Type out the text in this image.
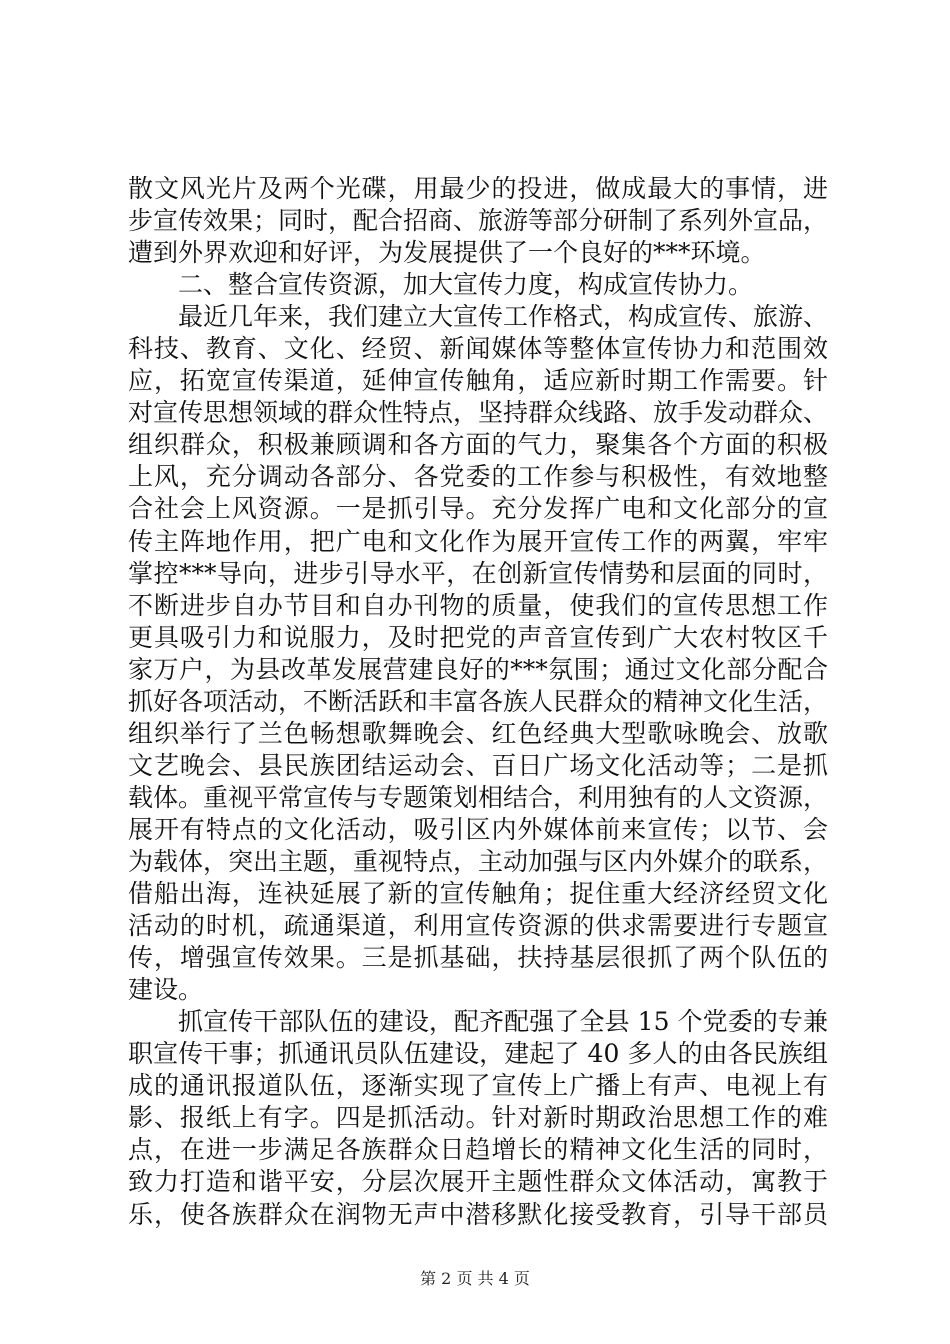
散文风光片及两个光碟，用最少的投进，做成最大的事情，进
步宣传效果；同时，配合招商、旅游等部分研制了系列外宣品，
遭到外界欢迎和好评，为发展提供了一个良好的***环境。
二、整合宣传资源，加大宣传力度，构成宣传协力。
最近几年来，我们建立大宣传工作格式，构成宣传、旅游、
科技、教育、文化、经贸、新闻媒体等整体宣传协力和范围效
应，拓宽宣传渠道，延伸宣传触角，适应新时期工作需要。针
对宣传思想领域的群众性特点，坚持群众线路、放手发动群众、
组织群众，积极兼顾调和各方面的气力，聚集各个方面的积极
上风，充分调动各部分、各党委的工作参与积极性，有效地整
合社会上风资源。一是抓引导。充分发挥广电和文化部分的宣
传主阵地作用，把广电和文化作为展开宣传工作的两翼，牢牢
掌控***导向，进步引导水平，在创新宣传情势和层面的同时，
不断进步自办节目和自办刊物的质量，使我们的宣传思想工作
更具吸引力和说服力，及时把党的声音宣传到广大农村牧区千
家万户，为县改革发展营建良好的***氛围；通过文化部分配合
抓好各项活动，不断活跃和丰富各族人民群众的精神文化生活，
组织举行了兰色畅想歌舞晚会、红色经典大型歌咏晚会、放歌
文艺晚会、县民族团结运动会、百日广场文化活动等；二是抓
载体。重视平常宣传与专题策划相结合，利用独有的人文资源，
展开有特点的文化活动，吸引区内外媒体前来宣传；以节、会
为载体，突出主题，重视特点，主动加强与区内外媒介的联系，
借船出海，连袂延展了新的宣传触角；捉住重大经济经贸文化
活动的时机，疏通渠道，利用宣传资源的供求需要进行专题宣
传，增强宣传效果。三是抓基础，扶持基层很抓了两个队伍的
建设。
抓宣传干部队伍的建设，配齐配强了全县 15 个党委的专兼
职宣传干事；抓通讯员队伍建设，建起了 40 多人的由各民族组
成的通讯报道队伍，逐渐实现了宣传上广播上有声、电视上有
影、报纸上有字。四是抓活动。针对新时期政治思想工作的难
点，在进一步满足各族群众日趋增长的精神文化生活的同时，
致力打造和谐平安，分层次展开主题性群众文体活动，寓教于
乐，使各族群众在润物无声中潜移默化接受教育，引导干部员
第 2 页 共 4 页
